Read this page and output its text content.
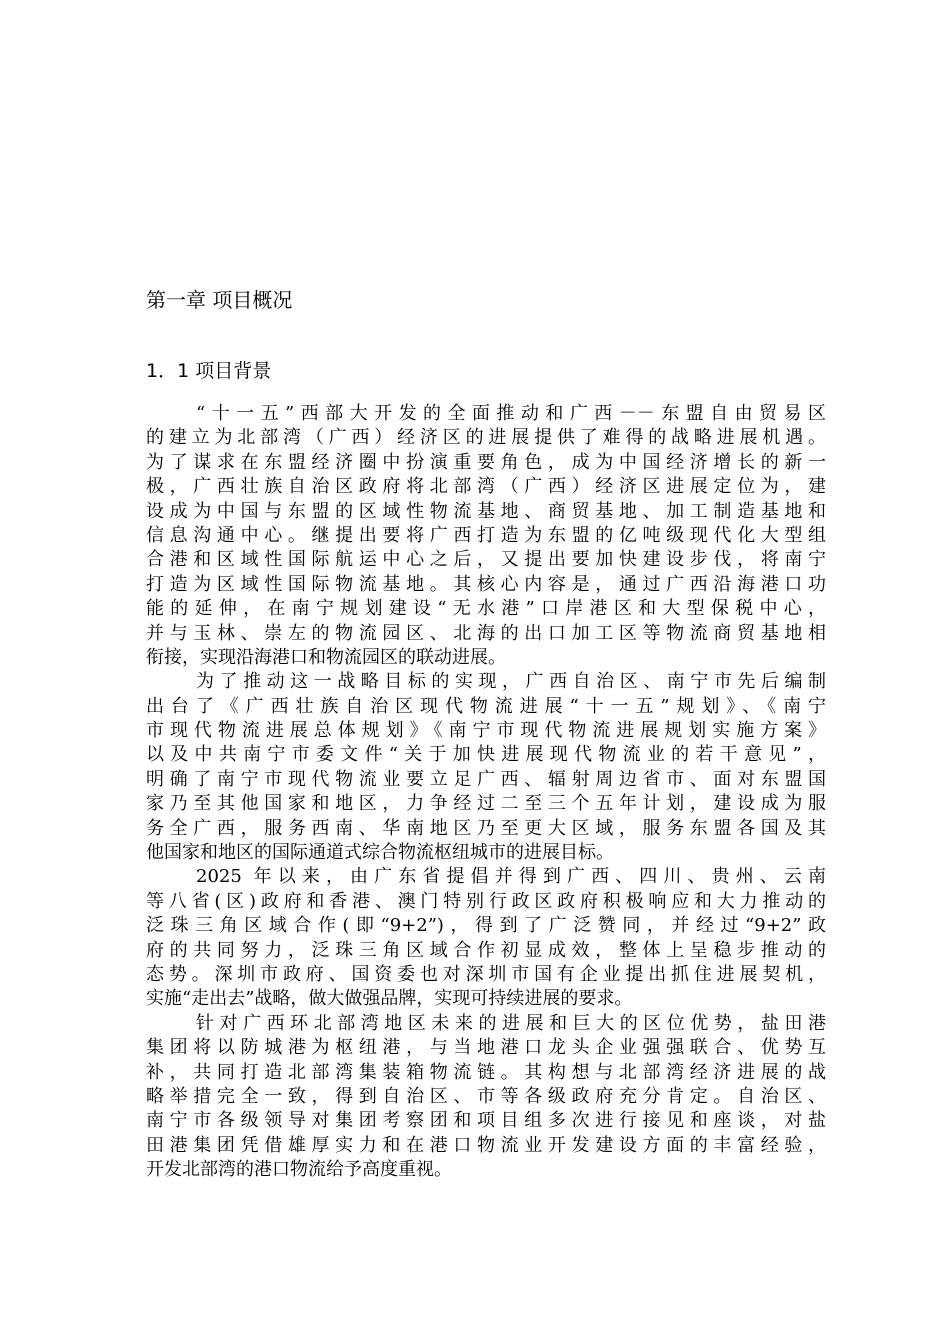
第一章 项目概况
1．1 项目背景
“十一五”西部大开发的全面推动和广西－－东盟自由贸易区
的建立为北部湾（广西）经济区的进展提供了难得的战略进展机遇。
为了谋求在东盟经济圈中扮演重要角色，成为中国经济增长的新一
极，广西壮族自治区政府将北部湾（广西）经济区进展定位为，建
设成为中国与东盟的区域性物流基地、商贸基地、加工制造基地和
信息沟通中心。继提出要将广西打造为东盟的亿吨级现代化大型组
合港和区域性国际航运中心之后，又提出要加快建设步伐，将南宁
打造为区域性国际物流基地。其核心内容是，通过广西沿海港口功
能的延伸，在南宁规划建设“无水港”口岸港区和大型保税中心，
并与玉林、崇左的物流园区、北海的出口加工区等物流商贸基地相
衔接，实现沿海港口和物流园区的联动进展。
为了推动这一战略目标的实现，广西自治区、南宁市先后编制
出台了《广西壮族自治区现代物流进展“十一五”规划》、《南宁
市现代物流进展总体规划》《南宁市现代物流进展规划实施方案》
以及中共南宁市委文件“关于加快进展现代物流业的若干意见”，
明确了南宁市现代物流业要立足广西、辐射周边省市、面对东盟国
家乃至其他国家和地区，力争经过二至三个五年计划，建设成为服
务全广西，服务西南、华南地区乃至更大区域，服务东盟各国及其
他国家和地区的国际通道式综合物流枢纽城市的进展目标。
2025 年以来，由广东省提倡并得到广西、四川、贵州、云南
等八省(区)政府和香港、澳门特别行政区政府积极响应和大力推动的
泛珠三角区域合作(即“9+2”)，得到了广泛赞同，并经过“9+2”政
府的共同努力，泛珠三角区域合作初显成效，整体上呈稳步推动的
态势。深圳市政府、国资委也对深圳市国有企业提出抓住进展契机，
实施“走出去”战略，做大做强品牌，实现可持续进展的要求。
针对广西环北部湾地区未来的进展和巨大的区位优势，盐田港
集团将以防城港为枢纽港，与当地港口龙头企业强强联合、优势互
补，共同打造北部湾集装箱物流链。其构想与北部湾经济进展的战
略举措完全一致，得到自治区、市等各级政府充分肯定。自治区、
南宁市各级领导对集团考察团和项目组多次进行接见和座谈，对盐
田港集团凭借雄厚实力和在港口物流业开发建设方面的丰富经验，
开发北部湾的港口物流给予高度重视。
